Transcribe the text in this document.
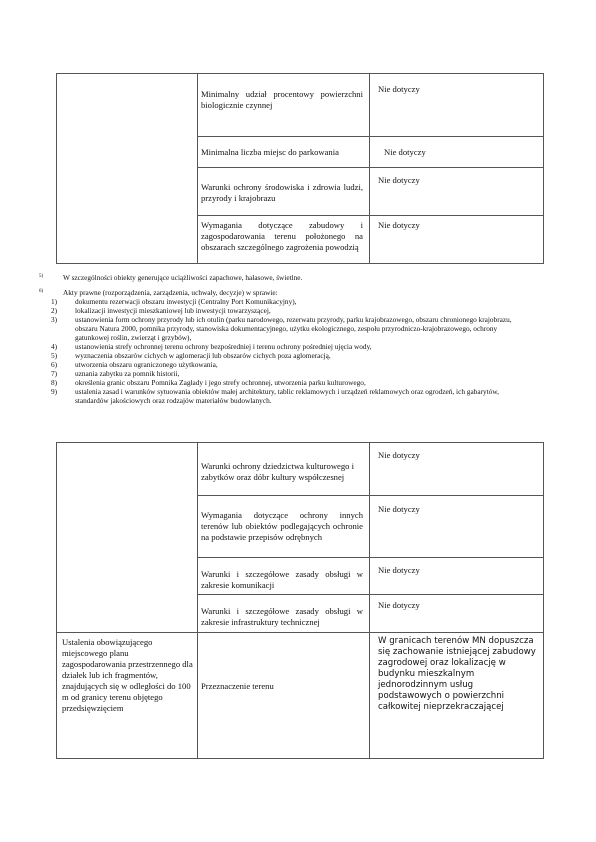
	Minimalny udział procentowy powierzchni biologicznie czynnej	Nie dotyczy
	Minimalna liczba miejsc do parkowania	Nie dotyczy
	Warunki ochrony środowiska i zdrowia ludzi, przyrody i krajobrazu	Nie dotyczy
	Wymagania dotyczące zabudowy i zagospodarowania terenu położonego na obszarach szczególnego zagrożenia powodzią	Nie dotyczy
5)	W szczególności obiekty generujące uciążliwości zapachowe, hałasowe, świetlne.
6)	Akty prawne (rozporządzenia, zarządzenia, uchwały, decyzje) w sprawie:
1)	dokumentu rezerwacji obszaru inwestycji (Centralny Port Komunikacyjny),
2)	lokalizacji inwestycji mieszkaniowej lub inwestycji towarzyszącej,
3)	ustanowienia form ochrony przyrody lub ich otulin (parku narodowego, rezerwatu przyrody, parku krajobrazowego, obszaru chronionego krajobrazu, obszaru Natura 2000, pomnika przyrody, stanowiska dokumentacyjnego, użytku ekologicznego, zespołu przyrodniczo-krajobrazowego, ochrony gatunkowej roślin, zwierząt i grzybów),
4)	ustanowienia strefy ochronnej terenu ochrony bezpośredniej i terenu ochrony pośredniej ujęcia wody,
5)	wyznaczenia obszarów cichych w aglomeracji lub obszarów cichych poza aglomeracją,
6)	utworzenia obszaru ograniczonego użytkowania,
7)	uznania zabytku za pomnik historii,
8)	określenia granic obszaru Pomnika Zagłady i jego strefy ochronnej, utworzenia parku kulturowego,
9)	ustalenia zasad i warunków sytuowania obiektów małej architektury, tablic reklamowych i urządzeń reklamowych oraz ogrodzeń, ich gabarytów, standardów jakościowych oraz rodzajów materiałów budowlanych.
	Warunki ochrony dziedzictwa kulturowego i zabytków oraz dóbr kultury współczesnej	Nie dotyczy
	Wymagania dotyczące ochrony innych terenów lub obiektów podlegających ochronie na podstawie przepisów odrębnych	Nie dotyczy
	Warunki i szczegółowe zasady obsługi w zakresie komunikacji	Nie dotyczy
	Warunki i szczegółowe zasady obsługi w zakresie infrastruktury technicznej	Nie dotyczy
Ustalenia obowiązującego miejscowego planu zagospodarowania przestrzennego dla działek lub ich fragmentów, znajdujących się w odległości do 100 m od granicy terenu objętego przedsięwzięciem	Przeznaczenie terenu	W granicach terenów MN dopuszcza się zachowanie istniejącej zabudowy zagrodowej oraz lokalizację w budynku mieszkalnym jednorodzinnym usług podstawowych o powierzchni całkowitej nieprzekraczającej
